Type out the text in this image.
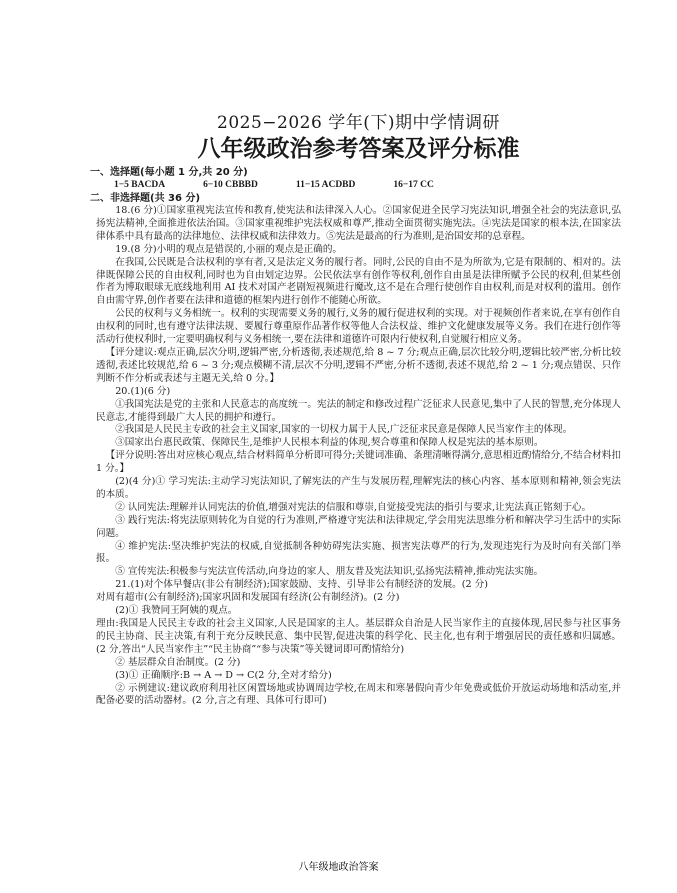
2025−2026 学年(下)期中学情调研
八年级政治参考答案及评分标准

一、选择题(每小题 1 分,共 20 分)

1−5 BACDA	6−10 CBBBD	11−15 ACDBD	16−17 CC

二、非选择题(共 36 分)

18.(6 分)①国家重视宪法宣传和教育,使宪法和法律深入人心。②国家促进全民学习宪法知识,增强全社会的宪法意识,弘扬宪法精神,全面推进依法治国。③国家重视维护宪法权威和尊严,推动全面贯彻实施宪法。④宪法是国家的根本法,在国家法律体系中具有最高的法律地位、法律权威和法律效力。⑤宪法是最高的行为准则,是治国安邦的总章程。

19.(8 分)小明的观点是错误的,小丽的观点是正确的。

在我国,公民既是合法权利的享有者,又是法定义务的履行者。同时,公民的自由不是为所欲为,它是有限制的、相对的。法律既保障公民的自由权利,同时也为自由划定边界。公民依法享有创作等权利,创作自由虽是法律所赋予公民的权利,但某些创作者为博取眼球无底线地利用 AI 技术对国产老剧短视频进行魔改,这不是在合理行使创作自由权利,而是对权利的滥用。创作自由需守界,创作者要在法律和道德的框架内进行创作不能随心所欲。

公民的权利与义务相统一。权利的实现需要义务的履行,义务的履行促进权利的实现。对于视频创作者来说,在享有创作自由权利的同时,也有遵守法律法规、要履行尊重原作品著作权等他人合法权益、维护文化健康发展等义务。我们在进行创作等活动行使权利时,一定要明确权利与义务相统一,要在法律和道德许可限内行使权利,自觉履行相应义务。

【评分建议:观点正确,层次分明,逻辑严密,分析透彻,表述规范,给 8 ~ 7 分;观点正确,层次比较分明,逻辑比较严密,分析比较透彻,表述比较规范,给 6 ~ 3 分;观点模糊不清,层次不分明,逻辑不严密,分析不透彻,表述不规范,给 2 ~ 1 分;观点错误、只作判断不作分析或表述与主题无关,给 0 分。】

20.(1)(6 分)

①我国宪法是党的主张和人民意志的高度统一。宪法的制定和修改过程广泛征求人民意见,集中了人民的智慧,充分体现人民意志,才能得到最广大人民的拥护和遵行。

②我国是人民民主专政的社会主义国家,国家的一切权力属于人民,广泛征求民意是保障人民当家作主的体现。

③国家出台惠民政策、保障民生,是维护人民根本利益的体现,契合尊重和保障人权是宪法的基本原则。

【评分说明:答出对应核心观点,结合材料简单分析即可得分;关键词准确、条理清晰得满分,意思相近酌情给分,不结合材料扣 1 分。】

(2)(4 分)① 学习宪法:主动学习宪法知识,了解宪法的产生与发展历程,理解宪法的核心内容、基本原则和精神,领会宪法的本质。

② 认同宪法:理解并认同宪法的价值,增强对宪法的信服和尊崇,自觉接受宪法的指引与要求,让宪法真正铭刻于心。

③ 践行宪法:将宪法原则转化为自觉的行为准则,严格遵守宪法和法律规定,学会用宪法思维分析和解决学习生活中的实际问题。

④ 维护宪法:坚决维护宪法的权威,自觉抵制各种妨碍宪法实施、损害宪法尊严的行为,发现违宪行为及时向有关部门举报。

⑤ 宣传宪法:积极参与宪法宣传活动,向身边的家人、朋友普及宪法知识,弘扬宪法精神,推动宪法实施。

21.(1)对个体早餐店(非公有制经济);国家鼓励、支持、引导非公有制经济的发展。(2 分)

对周有超市(公有制经济);国家巩固和发展国有经济(公有制经济)。(2 分)

(2)① 我赞同王阿姨的观点。

理由:我国是人民民主专政的社会主义国家,人民是国家的主人。基层群众自治是人民当家作主的直接体现,居民参与社区事务的民主协商、民主决策,有利于充分反映民意、集中民智,促进决策的科学化、民主化,也有利于增强居民的责任感和归属感。(2 分,答出“人民当家作主”“民主协商”“参与决策”等关键词即可酌情给分)

② 基层群众自治制度。(2 分)

(3)① 正确顺序:B → A → D → C(2 分,全对才给分)

② 示例建议:建议政府利用社区闲置场地或协调周边学校,在周末和寒暑假向青少年免费或低价开放运动场地和活动室,并配备必要的活动器材。(2 分,言之有理、具体可行即可)

八年级地政治答案
